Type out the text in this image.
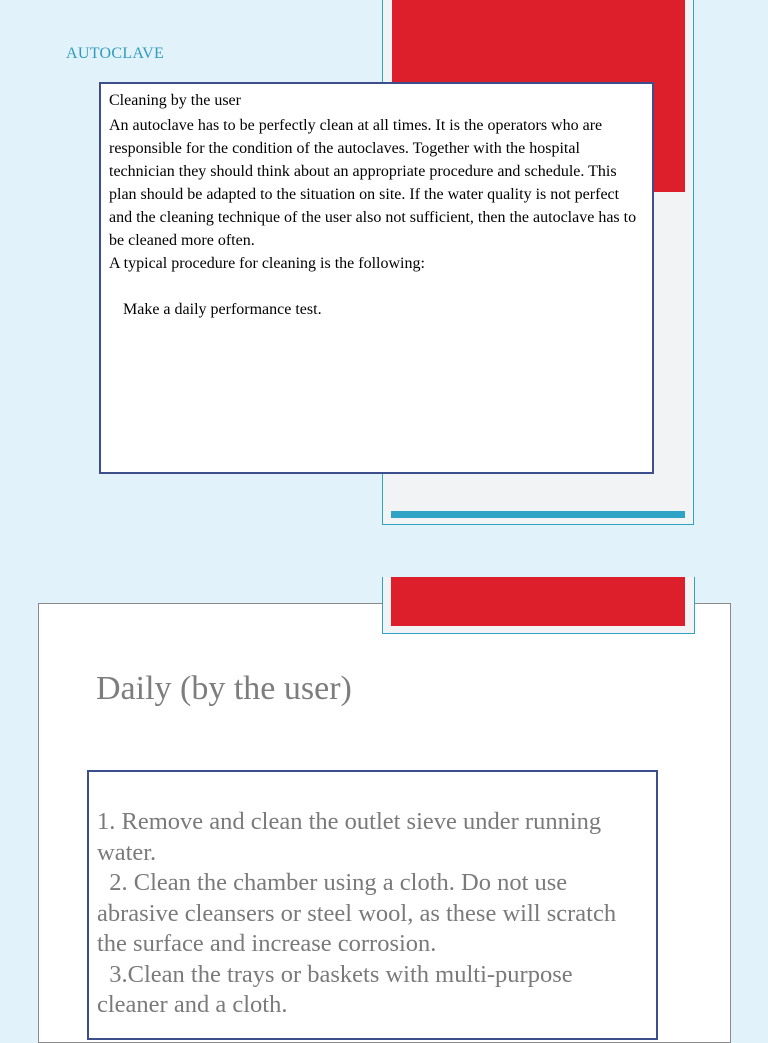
AUTOCLAVE
Cleaning by the user

An autoclave has to be perfectly clean at all times. It is the operators who are responsible for the condition of the autoclaves. Together with the hospital technician they should think about an appropriate procedure and schedule. This plan should be adapted to the situation on site. If the water quality is not perfect and the cleaning technique of the user also not sufficient, then the autoclave has to be cleaned more often.

A typical procedure for cleaning is the following:

Make a daily performance test.
Daily (by the user)

1. Remove and clean the outlet sieve under running water.

2. Clean the chamber using a cloth. Do not use abrasive cleansers or steel wool, as these will scratch the surface and increase corrosion.

3.Clean the trays or baskets with multi-purpose cleaner and a cloth.
